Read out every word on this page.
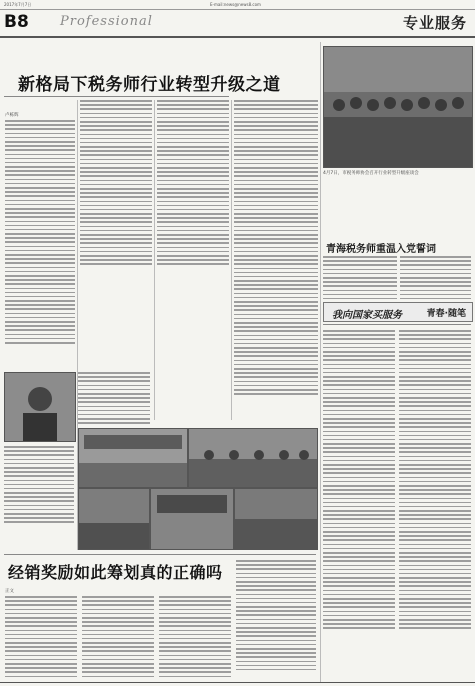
2017年7月7日	E-mail:news@news8.com
B8 Professional	专业服务
新格局下税务师行业转型升级之道
卢栋辉
4月7日，市税务师协会召开行业转型升级座谈会
青海税务师重温入党誓词
我向国家买服务	青春·随笔
经销奖励如此筹划真的正确吗
正文
